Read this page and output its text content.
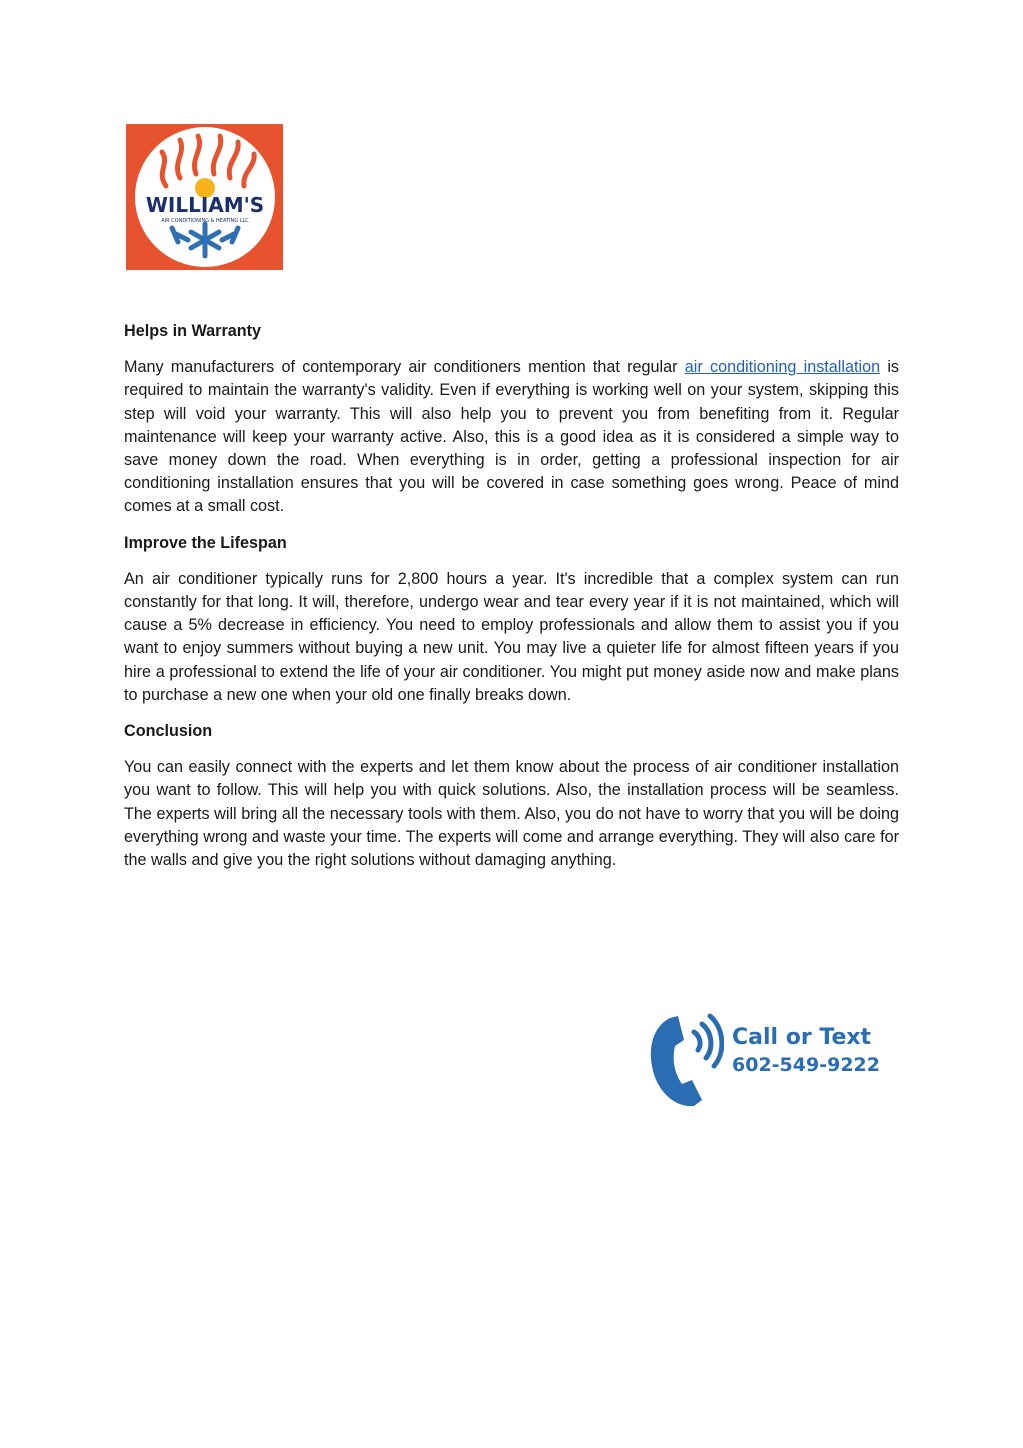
WILLIAM'S
AIR CONDITIONING & HEATING LLC
Helps in Warranty

Many manufacturers of contemporary air conditioners mention that regular air conditioning installation is required to maintain the warranty's validity. Even if everything is working well on your system, skipping this step will void your warranty. This will also help you to prevent you from benefiting from it. Regular maintenance will keep your warranty active. Also, this is a good idea as it is considered a simple way to save money down the road. When everything is in order, getting a professional inspection for air conditioning installation ensures that you will be covered in case something goes wrong. Peace of mind comes at a small cost.

Improve the Lifespan

An air conditioner typically runs for 2,800 hours a year. It's incredible that a complex system can run constantly for that long. It will, therefore, undergo wear and tear every year if it is not maintained, which will cause a 5% decrease in efficiency. You need to employ professionals and allow them to assist you if you want to enjoy summers without buying a new unit. You may live a quieter life for almost fifteen years if you hire a professional to extend the life of your air conditioner. You might put money aside now and make plans to purchase a new one when your old one finally breaks down.

Conclusion

You can easily connect with the experts and let them know about the process of air conditioner installation you want to follow. This will help you with quick solutions. Also, the installation process will be seamless. The experts will bring all the necessary tools with them. Also, you do not have to worry that you will be doing everything wrong and waste your time. The experts will come and arrange everything. They will also care for the walls and give you the right solutions without damaging anything.

Call or Text
602-549-9222
